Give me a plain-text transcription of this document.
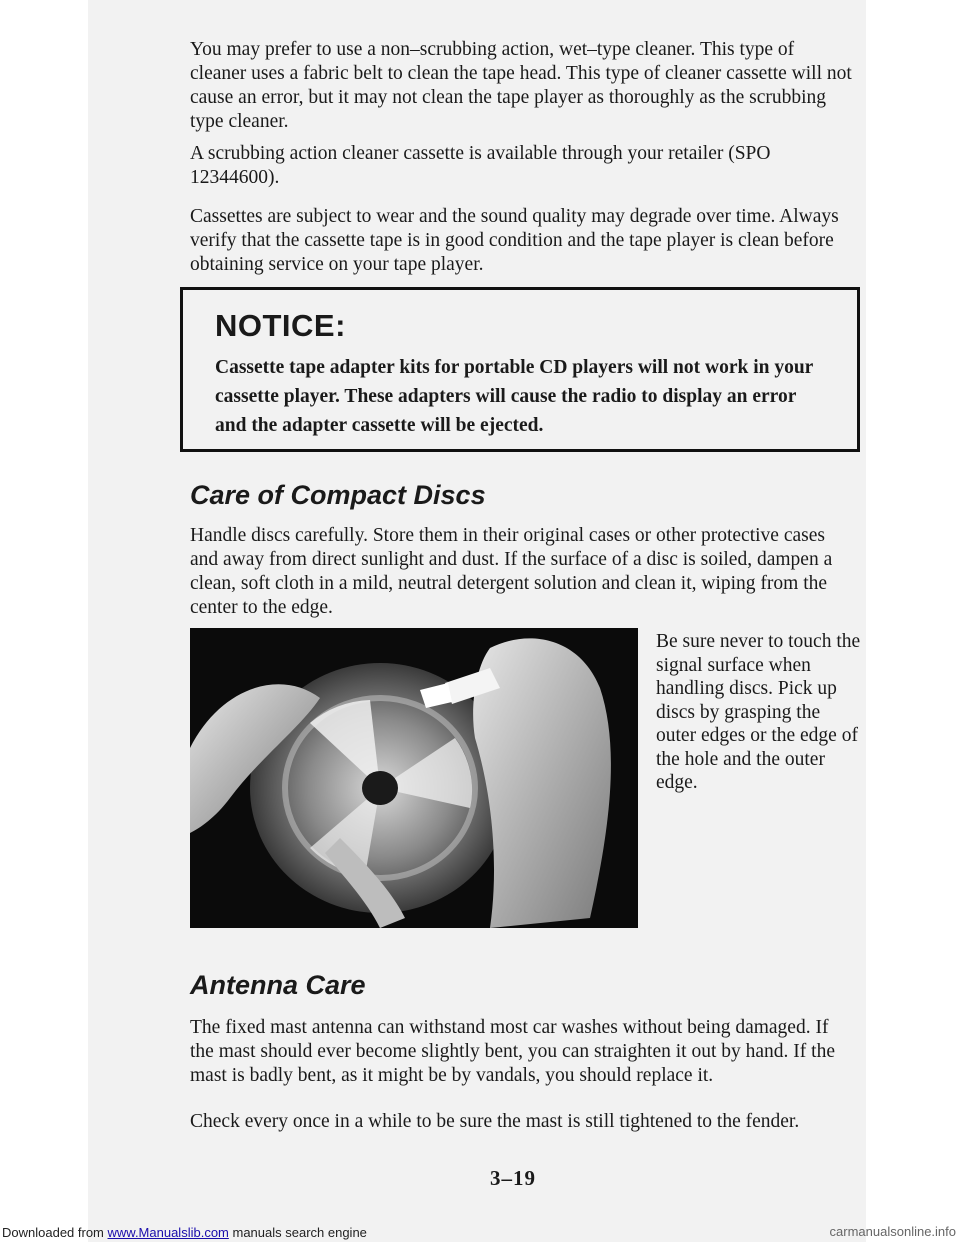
You may prefer to use a non–scrubbing action, wet–type cleaner. This type of cleaner uses a fabric belt to clean the tape head. This type of cleaner cassette will not cause an error, but it may not clean the tape player as thoroughly as the scrubbing type cleaner.

A scrubbing action cleaner cassette is available through your retailer (SPO 12344600).

Cassettes are subject to wear and the sound quality may degrade over time. Always verify that the cassette tape is in good condition and the tape player is clean before obtaining service on your tape player.

NOTICE:
Cassette tape adapter kits for portable CD players will not work in your cassette player. These adapters will cause the radio to display an error and the adapter cassette will be ejected.
Care of Compact Discs

Handle discs carefully. Store them in their original cases or other protective cases and away from direct sunlight and dust. If the surface of a disc is soiled, dampen a clean, soft cloth in a mild, neutral detergent solution and clean it, wiping from the center to the edge.

Be sure never to touch the signal surface when handling discs. Pick up discs by grasping the outer edges or the edge of the hole and the outer edge.

Antenna Care

The fixed mast antenna can withstand most car washes without being damaged. If the mast should ever become slightly bent, you can straighten it out by hand. If the mast is badly bent, as it might be by vandals, you should replace it.

Check every once in a while to be sure the mast is still tightened to the fender.

3–19
Downloaded from www.Manualslib.com manuals search engine	carmanualsonline.info
